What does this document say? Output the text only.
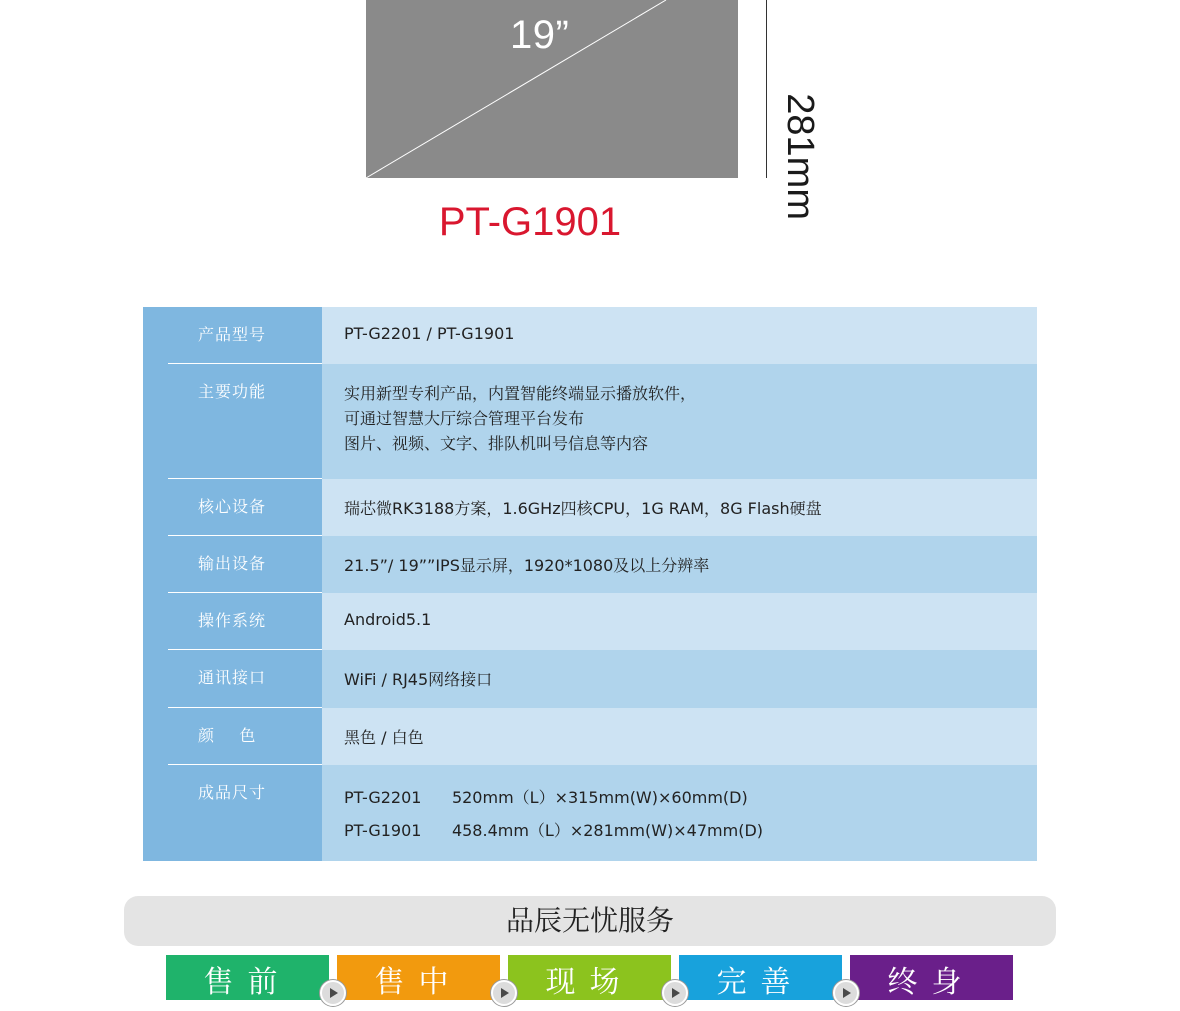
19”
281mm
PT-G1901
产品型号	PT-G2201 / PT-G1901
主要功能	实用新型专利产品，内置智能终端显示播放软件，
可通过智慧大厅综合管理平台发布
图片、视频、文字、排队机叫号信息等内容
核心设备	瑞芯微RK3188方案，1.6GHz四核CPU，1G RAM，8G Flash硬盘
输出设备	21.5”/ 19””IPS显示屏，1920*1080及以上分辨率
操作系统	Android5.1
通讯接口	WiFi / RJ45网络接口
颜    色	黑色 / 白色
成品尺寸	PT-G2201      520mm（L）×315mm(W)×60mm(D)
PT-G1901      458.4mm（L）×281mm(W)×47mm(D)
品辰无忧服务
售前	售中	现场	完善	终身
